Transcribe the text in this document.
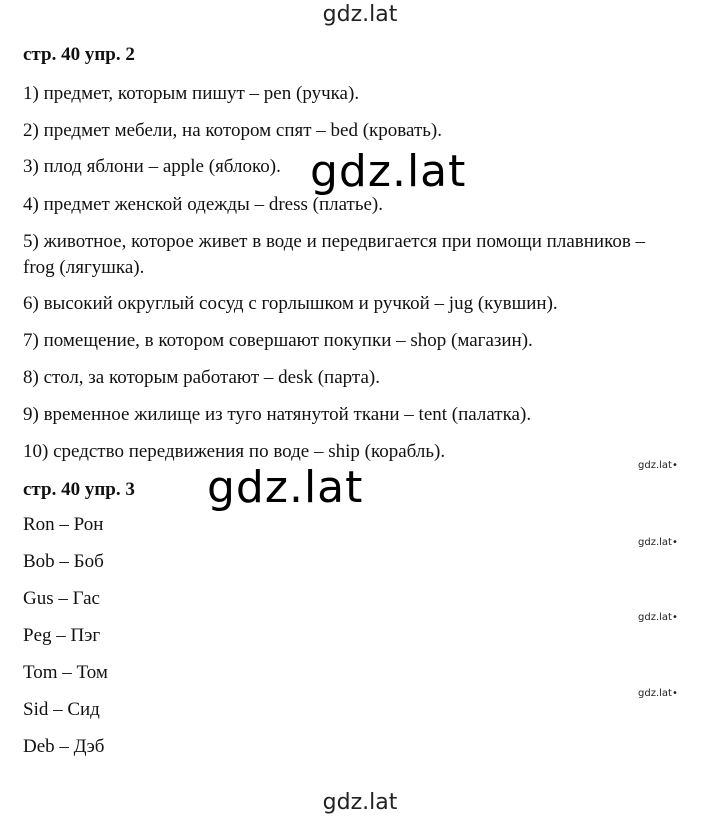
gdz.lat
стр. 40 упр. 2
1) предмет, которым пишут – pen (ручка).
2) предмет мебели, на котором спят – bed (кровать).
3) плод яблони – apple (яблоко).
4) предмет женской одежды – dress (платье).
5) животное, которое живет в воде и передвигается при помощи плавников –
frog (лягушка).
6) высокий округлый сосуд с горлышком и ручкой – jug (кувшин).
7) помещение, в котором совершают покупки – shop (магазин).
8) стол, за которым работают – desk (парта).
9) временное жилище из туго натянутой ткани – tent (палатка).
10) средство передвижения по воде – ship (корабль).
стр. 40 упр. 3
Ron – Рон
Bob – Боб
Gus – Гас
Peg – Пэг
Tom – Том
Sid – Сид
Deb – Дэб
gdz.lat
gdz.lat	gdz.lat•
gdz.lat•
gdz.lat•
gdz.lat•
gdz.lat
